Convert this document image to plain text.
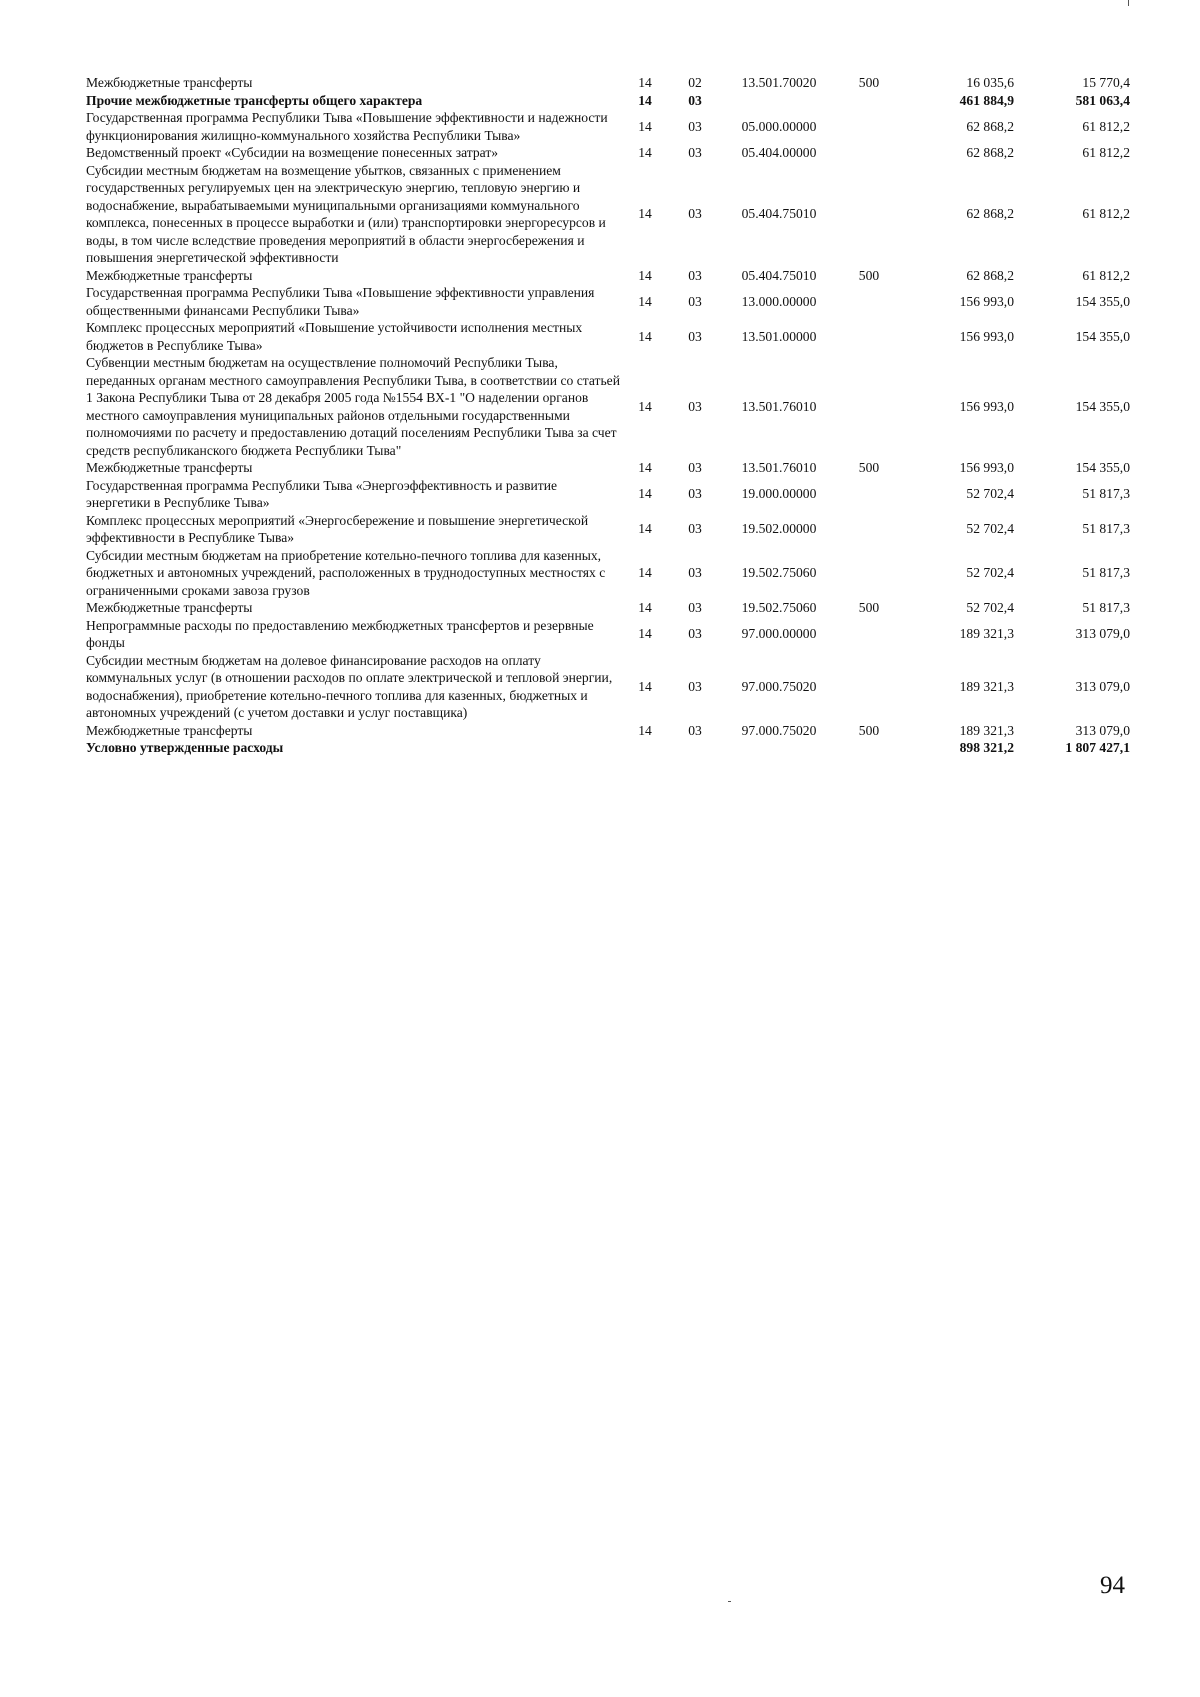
Межбюджетные трансферты	14	02	13.501.70020	500	16 035,6	15 770,4
Прочие межбюджетные трансферты общего характера	14	03			461 884,9	581 063,4
Государственная программа Республики Тыва «Повышение эффективности и надежности функционирования жилищно-коммунального хозяйства Республики Тыва»	14	03	05.000.00000		62 868,2	61 812,2
Ведомственный проект «Субсидии на возмещение понесенных затрат»	14	03	05.404.00000		62 868,2	61 812,2
Субсидии местным бюджетам на возмещение убытков, связанных с применением государственных регулируемых цен на электрическую энергию, тепловую энергию и водоснабжение, вырабатываемыми муниципальными организациями коммунального комплекса, понесенных в процессе выработки и (или) транспортировки энергоресурсов и воды, в том числе вследствие проведения мероприятий в области энергосбережения и повышения энергетической эффективности	14	03	05.404.75010		62 868,2	61 812,2
Межбюджетные трансферты	14	03	05.404.75010	500	62 868,2	61 812,2
Государственная программа Республики Тыва «Повышение эффективности управления общественными финансами Республики Тыва»	14	03	13.000.00000		156 993,0	154 355,0
Комплекс процессных мероприятий «Повышение устойчивости исполнения местных бюджетов в Республике Тыва»	14	03	13.501.00000		156 993,0	154 355,0
Субвенции местным бюджетам на осуществление полномочий Республики Тыва, переданных органам местного самоуправления Республики Тыва, в соответствии со статьей 1 Закона Республики Тыва от 28 декабря 2005 года №1554 ВХ-1 "О наделении органов местного самоуправления муниципальных районов отдельными государственными полномочиями по расчету и предоставлению дотаций поселениям Республики Тыва за счет средств республиканского бюджета Республики Тыва"	14	03	13.501.76010		156 993,0	154 355,0
Межбюджетные трансферты	14	03	13.501.76010	500	156 993,0	154 355,0
Государственная программа Республики Тыва «Энергоэффективность и развитие энергетики в Республике Тыва»	14	03	19.000.00000		52 702,4	51 817,3
Комплекс процессных мероприятий «Энергосбережение и повышение энергетической эффективности в Республике Тыва»	14	03	19.502.00000		52 702,4	51 817,3
Субсидии местным бюджетам на приобретение котельно-печного топлива для казенных, бюджетных и автономных учреждений, расположенных в труднодоступных местностях с ограниченными сроками завоза грузов	14	03	19.502.75060		52 702,4	51 817,3
Межбюджетные трансферты	14	03	19.502.75060	500	52 702,4	51 817,3
Непрограммные расходы по предоставлению межбюджетных трансфертов и резервные фонды	14	03	97.000.00000		189 321,3	313 079,0
Субсидии местным бюджетам на долевое финансирование расходов на оплату коммунальных услуг (в отношении расходов по оплате электрической и тепловой энергии, водоснабжения), приобретение котельно-печного топлива для казенных, бюджетных и автономных учреждений (с учетом доставки и услуг поставщика)	14	03	97.000.75020		189 321,3	313 079,0
Межбюджетные трансферты	14	03	97.000.75020	500	189 321,3	313 079,0
Условно утвержденные расходы					898 321,2	1 807 427,1
94
